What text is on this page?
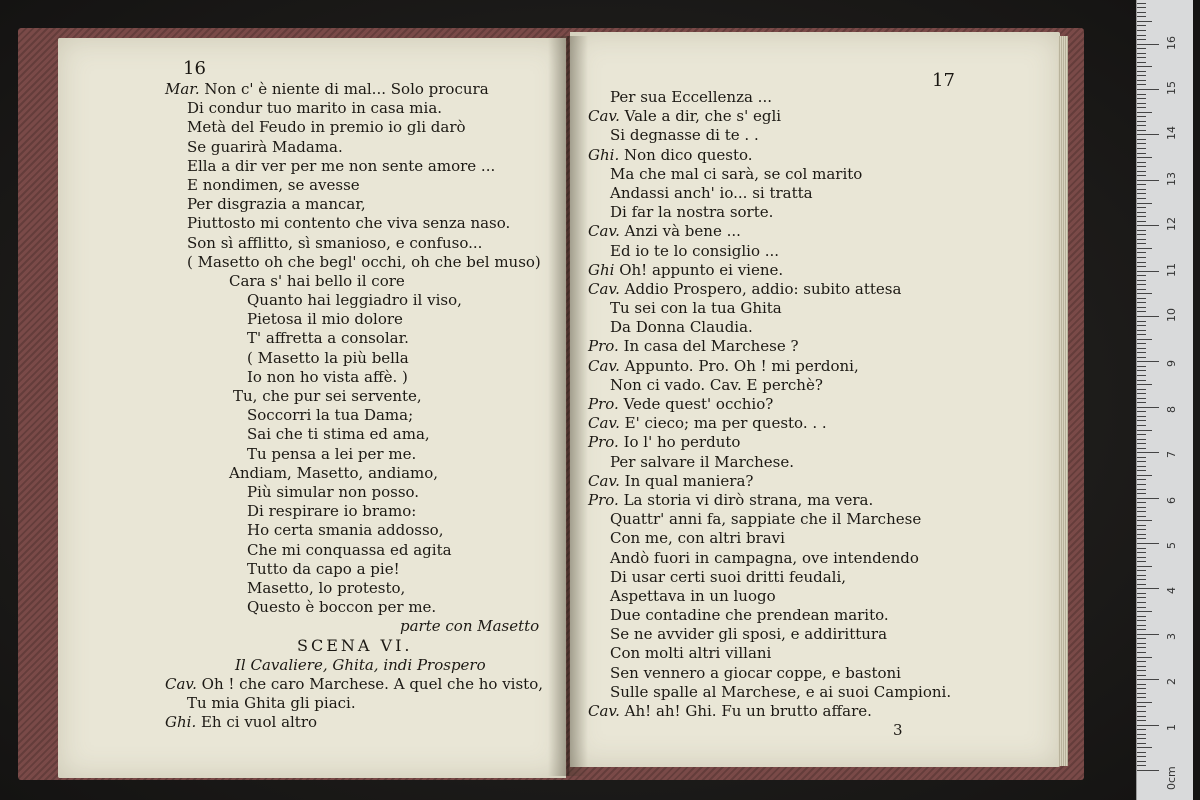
16
17
Mar. Non c' è niente di mal... Solo procura
Di condur tuo marito in casa mia.
Metà del Feudo in premio io gli darò
Se guarirà Madama.
Ella a dir ver per me non sente amore ...
E nondimen, se avesse
Per disgrazia a mancar,
Piuttosto mi contento che viva senza naso.
Son sì afflitto, sì smanioso, e confuso...
( Masetto oh che begl' occhi, oh che bel muso)
Cara s' hai bello il core
Quanto hai leggiadro il viso,
Pietosa il mio dolore
T' affretta a consolar.
( Masetto la più bella
Io non ho vista affè. )
Tu, che pur sei servente,
Soccorri la tua Dama;
Sai che ti stima ed ama,
Tu pensa a lei per me.
Andiam, Masetto, andiamo,
Più simular non posso.
Di respirare io bramo:
Ho certa smania addosso,
Che mi conquassa ed agita
Tutto da capo a pie!
Masetto, lo protesto,
Questo è boccon per me.
parte con Masetto
SCENA VI.
Il Cavaliere, Ghita, indi Prospero
Cav. Oh ! che caro Marchese. A quel che ho visto,
Tu mia Ghita gli piaci.
Ghi. Eh ci vuol altro
Per sua Eccellenza ...
Cav. Vale a dir, che s' egli
Si degnasse di te . .
Ghi. Non dico questo.
Ma che mal ci sarà, se col marito
Andassi anch' io... si tratta
Di far la nostra sorte.
Cav. Anzi và bene ...
Ed io te lo consiglio ...
Ghi Oh! appunto ei viene.
Cav. Addio Prospero, addio: subito attesa
Tu sei con la tua Ghita
Da Donna Claudia.
Pro. In casa del Marchese ?
Cav. Appunto. Pro. Oh ! mi perdoni,
Non ci vado. Cav. E perchè?
Pro. Vede quest' occhio?
Cav. E' cieco; ma per questo. . .
Pro. Io l' ho perduto
Per salvare il Marchese.
Cav. In qual maniera?
Pro. La storia vi dirò strana, ma vera.
Quattr' anni fa, sappiate che il Marchese
Con me, con altri bravi
Andò fuori in campagna, ove intendendo
Di usar certi suoi dritti feudali,
Aspettava in un luogo
Due contadine che prendean marito.
Se ne avvider gli sposi, e addirittura
Con molti altri villani
Sen vennero a giocar coppe, e bastoni
Sulle spalle al Marchese, e ai suoi Campioni.
Cav. Ah! ah! Ghi. Fu un brutto affare.
3
0cm
1
2
3
4
5
6
7
8
9
10
11
12
13
14
15
16
